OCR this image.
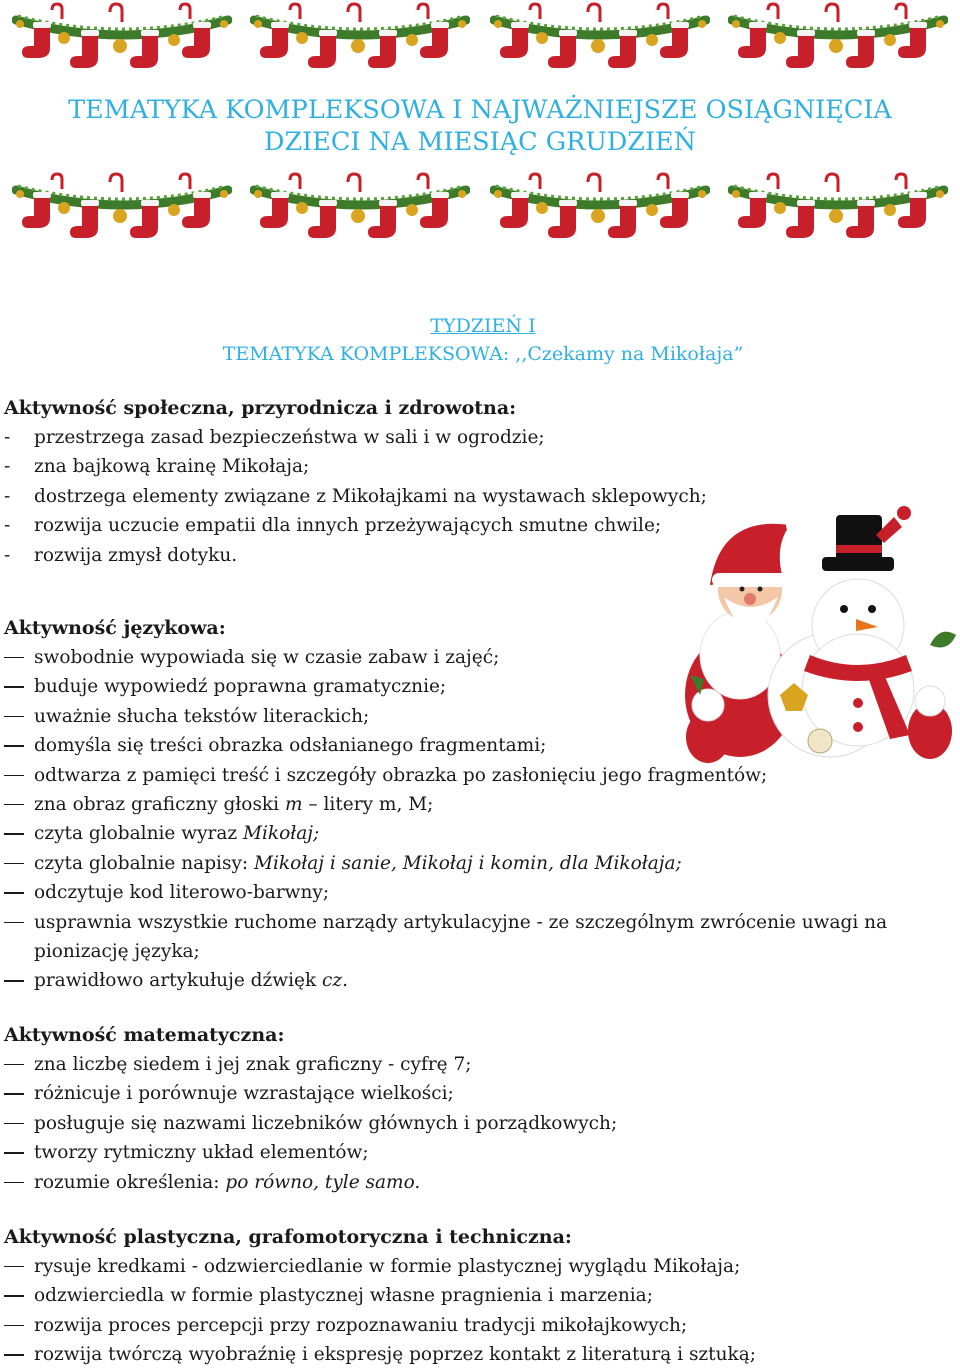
TEMATYKA KOMPLEKSOWA I NAJWAŻNIEJSZE OSIĄGNIĘCIA
DZIECI NA MIESIĄC GRUDZIEŃ
TYDZIEŃ I
TEMATYKA KOMPLEKSOWA: ,,Czekamy na Mikołaja”
Aktywność społeczna, przyrodnicza i zdrowotna:
-	przestrzega zasad bezpieczeństwa w sali i w ogrodzie;
-	zna bajkową krainę Mikołaja;
-	dostrzega elementy związane z Mikołajkami na wystawach sklepowych;
-	rozwija uczucie empatii dla innych przeżywających smutne chwile;
-	rozwija zmysł dotyku.
Aktywność językowa:
swobodnie wypowiada się w czasie zabaw i zajęć;
buduje wypowiedź poprawna gramatycznie;
uważnie słucha tekstów literackich;
domyśla się treści obrazka odsłanianego fragmentami;
odtwarza z pamięci treść i szczegóły obrazka po zasłonięciu jego fragmentów;
zna obraz graficzny głoski m – litery m, M;
czyta globalnie wyraz Mikołaj;
czyta globalnie napisy: Mikołaj i sanie, Mikołaj i komin, dla Mikołaja;
odczytuje kod literowo-barwny;
usprawnia wszystkie ruchome narządy artykulacyjne - ze szczególnym zwrócenie uwagi na pionizację języka;
prawidłowo artykułuje dźwięk cz.
Aktywność matematyczna:
zna liczbę siedem i jej znak graficzny - cyfrę 7;
różnicuje i porównuje wzrastające wielkości;
posługuje się nazwami liczebników głównych i porządkowych;
tworzy rytmiczny układ elementów;
rozumie określenia: po równo, tyle samo.
Aktywność plastyczna, grafomotoryczna i techniczna:
rysuje kredkami - odzwierciedlanie w formie plastycznej wyglądu Mikołaja;
odzwierciedla w formie plastycznej własne pragnienia i marzenia;
rozwija proces percepcji przy rozpoznawaniu tradycji mikołajkowych;
rozwija twórczą wyobraźnię i ekspresję poprzez kontakt z literaturą i sztuką;
